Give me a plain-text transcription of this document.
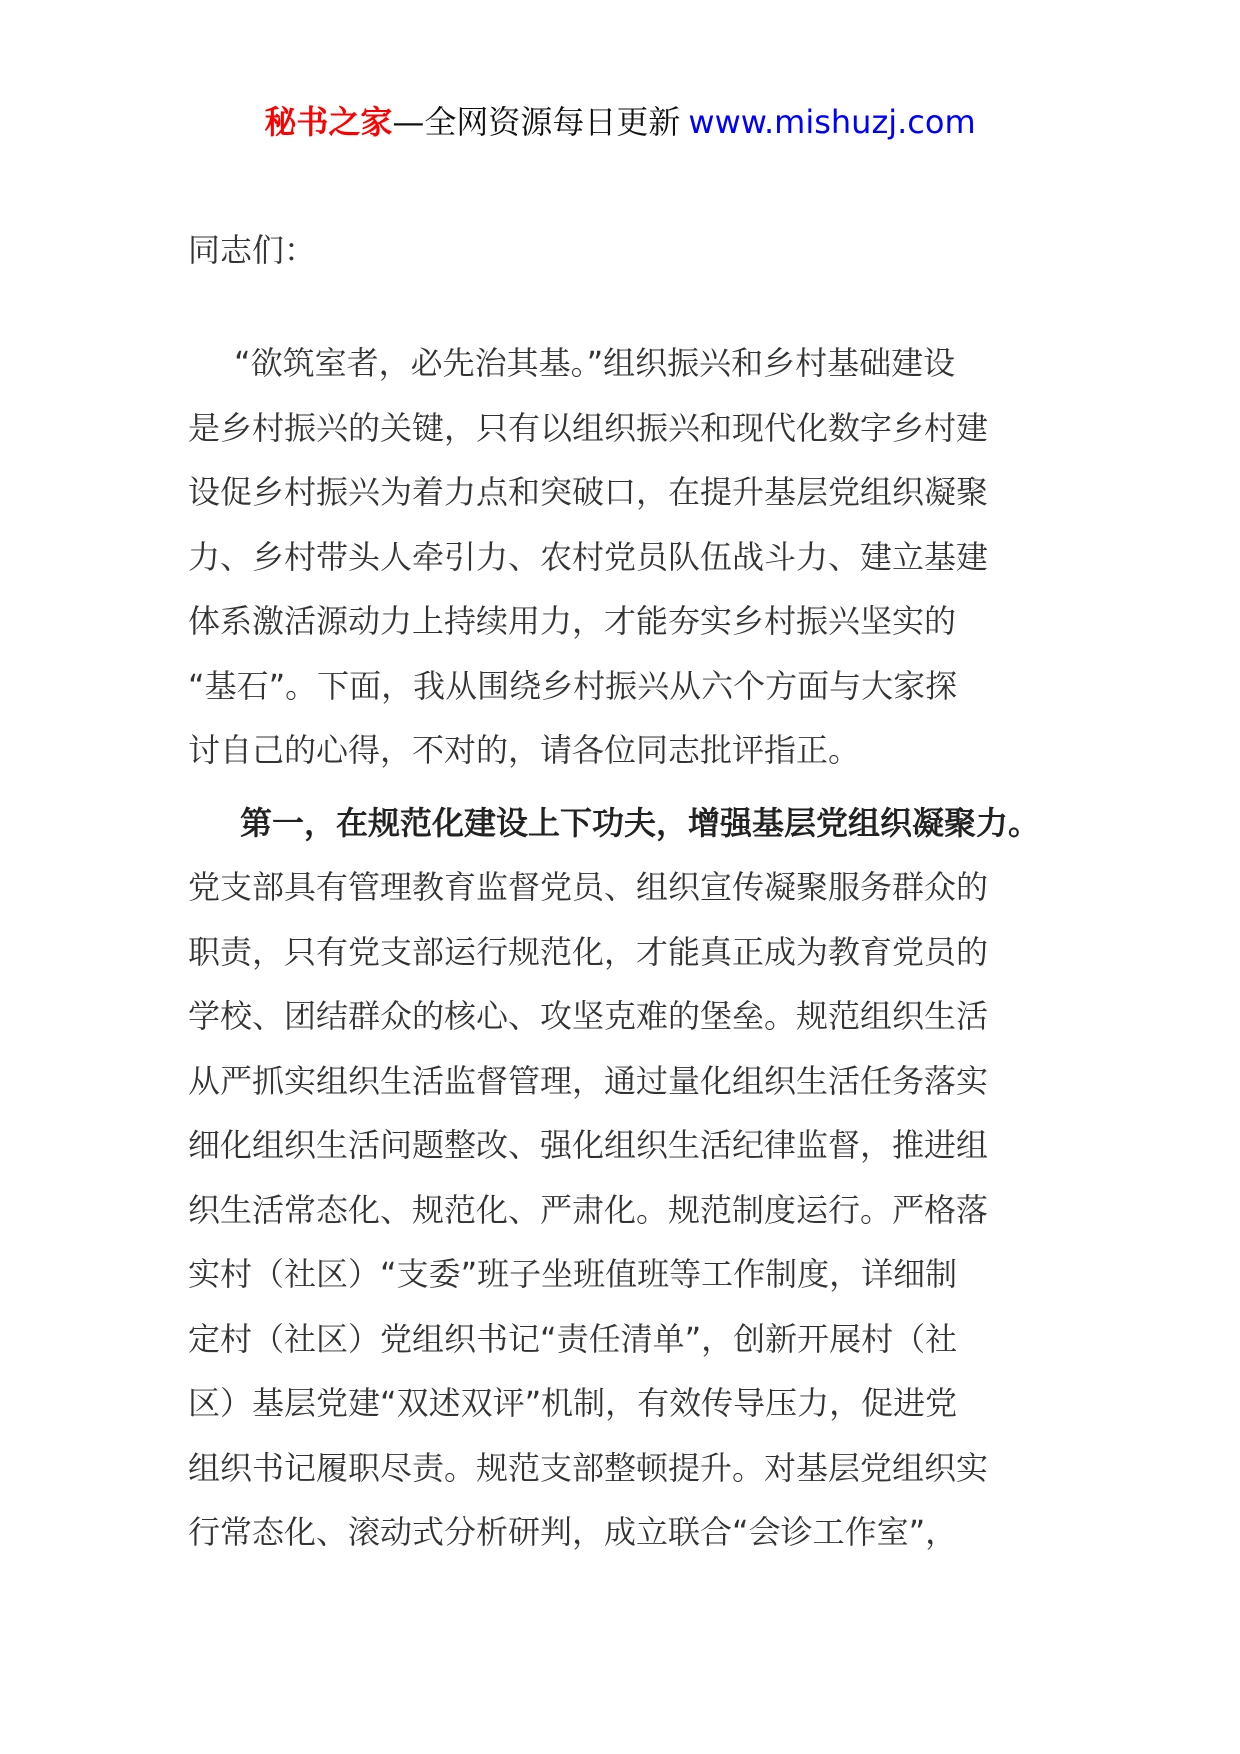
秘书之家—全网资源每日更新 www.mishuzj.com
同志们：
“欲筑室者，必先治其基。”组织振兴和乡村基础建设
是乡村振兴的关键，只有以组织振兴和现代化数字乡村建
设促乡村振兴为着力点和突破口，在提升基层党组织凝聚
力、乡村带头人牵引力、农村党员队伍战斗力、建立基建
体系激活源动力上持续用力，才能夯实乡村振兴坚实的
“基石”。下面，我从围绕乡村振兴从六个方面与大家探
讨自己的心得，不对的，请各位同志批评指正。
第一，在规范化建设上下功夫，增强基层党组织凝聚力。
党支部具有管理教育监督党员、组织宣传凝聚服务群众的
职责，只有党支部运行规范化，才能真正成为教育党员的
学校、团结群众的核心、攻坚克难的堡垒。规范组织生活
从严抓实组织生活监督管理，通过量化组织生活任务落实
细化组织生活问题整改、强化组织生活纪律监督，推进组
织生活常态化、规范化、严肃化。规范制度运行。严格落
实村（社区）“支委”班子坐班值班等工作制度，详细制
定村（社区）党组织书记“责任清单”，创新开展村（社
区）基层党建“双述双评”机制，有效传导压力，促进党
组织书记履职尽责。规范支部整顿提升。对基层党组织实
行常态化、滚动式分析研判，成立联合“会诊工作室”，
